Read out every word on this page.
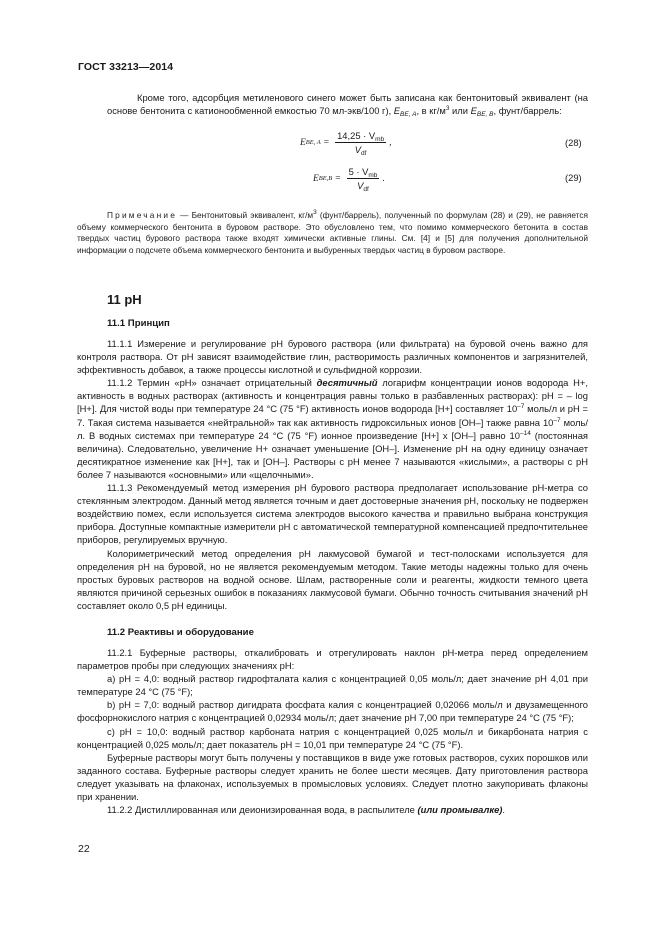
ГОСТ 33213—2014

Кроме того, адсорбция метиленового синего может быть записана как бентонитовый эквивалент (на основе бентонита с катионообменной емкостью 70 мл-экв/100 г), $E_{BE, A}$, в $кг/м^3$ или $E_{BE, B}$, фунт/баррель:

E BE, $A = \frac{14,25 \cdot V_{mb}}{V_{df}}$ ,	(28)
E $BE,B = \frac{5 \cdot V_{mb}}{V_{df}}$ .	(29)
Примечание — Бентонитовый эквивалент, $кг/м^3$ (фунт/баррель), полученный по формулам (28) и (29), не равняется объему коммерческого бентонита в буровом растворе. Это обусловлено тем, что помимо коммерческого бетонита в состав твердых частиц бурового раствора также входят химически активные глины. См. [4] и [5] для получения дополнительной информации о подсчете объема коммерческого бентонита и выбуренных твердых частиц в буровом растворе.
11 рН
11.1 Принцип

11.1.1 Измерение и регулирование рН бурового раствора (или фильтрата) на буровой очень важно для контроля раствора. От рН зависят взаимодействие глин, растворимость различных компонентов и загрязнителей, эффективность добавок, а также процессы кислотной и сульфидной коррозии.

11.1.2 Термин «рН» означает отрицательный десятичный логарифм концентрации ионов водорода Н+, активность в водных растворах (активность и концентрация равны только в разбавленных растворах): рН = – log [Н+]. Для чистой воды при температуре 24 °С (75 °F) активность ионов водорода [Н+] составляет $10^{-7}$ моль/л и рН = 7. Такая система называется «нейтральной» так как активность гидроксильных ионов [ОН–] также равна $10^{-7}$ моль/л. В водных системах при температуре 24 °С (75 °F) ионное произведение [Н+] х [ОН–] равно $10^{-14}$ (постоянная величина). Следовательно, увеличение Н+ означает уменьшение [ОН–]. Изменение рН на одну единицу означает десятикратное изменение как [Н+], так и [ОН–]. Растворы с рН менее 7 называются «кислыми», а растворы с рН более 7 называются «основными» или «щелочными».

11.1.3 Рекомендуемый метод измерения рН бурового раствора предполагает использование рН-метра со стеклянным электродом. Данный метод является точным и дает достоверные значения рН, поскольку не подвержен воздействию помех, если используется система электродов высокого качества и правильно выбрана конструкция прибора. Доступные компактные измерители рН с автоматической температурной компенсацией предпочтительнее приборов, регулируемых вручную.

Колориметрический метод определения рН лакмусовой бумагой и тест-полосками используется для определения рН на буровой, но не является рекомендуемым методом. Такие методы надежны только для очень простых буровых растворов на водной основе. Шлам, растворенные соли и реагенты, жидкости темного цвета являются причиной серьезных ошибок в показаниях лакмусовой бумаги. Обычно точность считывания значений рН составляет около 0,5 рН единицы.

11.2 Реактивы и оборудование

11.2.1 Буферные растворы, откалибровать и отрегулировать наклон рН-метра перед определением параметров пробы при следующих значениях рН:

а) рН = 4,0: водный раствор гидрофталата калия с концентрацией 0,05 моль/л; дает значение рН 4,01 при температуре 24 °С (75 °F);

b) рН = 7,0: водный раствор дигидрата фосфата калия с концентрацией 0,02066 моль/л и двузамещенного фосфорнокислого натрия с концентрацией 0,02934 моль/л; дает значение рН 7,00 при температуре 24 °С (75 °F);

с) рН = 10,0: водный раствор карбоната натрия с концентрацией 0,025 моль/л и бикарбоната натрия с концентрацией 0,025 моль/л; дает показатель рН = 10,01 при температуре 24 °С (75 °F).

Буферные растворы могут быть получены у поставщиков в виде уже готовых растворов, сухих порошков или заданного состава. Буферные растворы следует хранить не более шести месяцев. Дату приготовления раствора следует указывать на флаконах, используемых в промысловых условиях. Следует плотно закупоривать флаконы при хранении.

11.2.2 Дистиллированная или деионизированная вода, в распылителе (или промывалке).

22
